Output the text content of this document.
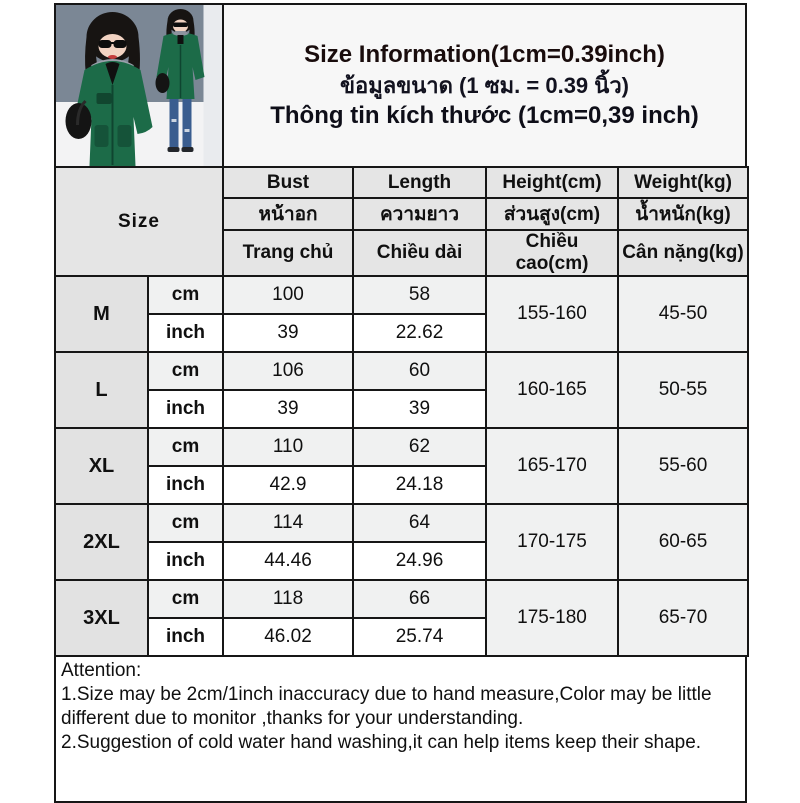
Size Information(1cm=0.39inch)
ข้อมูลขนาด (1 ซม. = 0.39 นิ้ว)
Thông tin kích thước (1cm=0,39 inch)
Size		Bust	Length	Height(cm)	Weight(kg)
		หน้าอก	ความยาว	ส่วนสูง(cm)	น้ำหนัก(kg)
		Trang chủ	Chiều dài	Chiều cao(cm)	Cân nặng(kg)
M	cm	100	58	155-160	45-50
	inch	39	22.62		
L	cm	106	60	160-165	50-55
	inch	39	39		
XL	cm	110	62	165-170	55-60
	inch	42.9	24.18		
2XL	cm	114	64	170-175	60-65
	inch	44.46	24.96		
3XL	cm	118	66	175-180	65-70
	inch	46.02	25.74		
Attention:
1.Size may be 2cm/1inch inaccuracy due to hand measure,Color may be little different due to monitor ,thanks for your understanding.
2.Suggestion of cold water hand washing,it can help items keep their shape.
